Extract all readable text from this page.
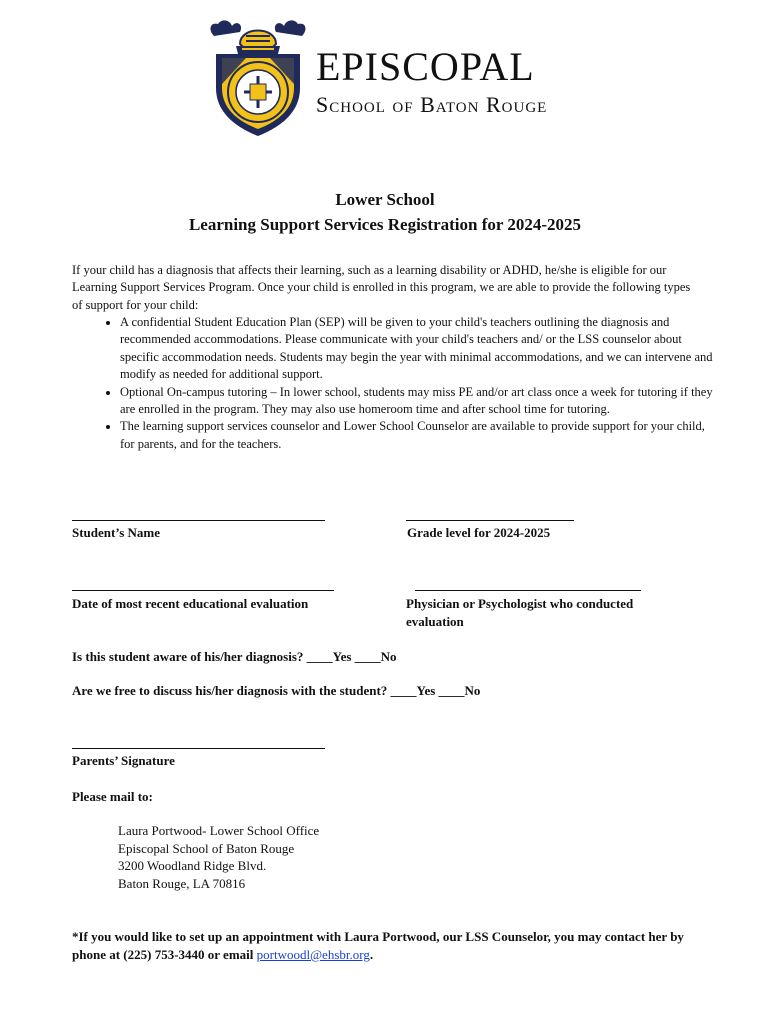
EPISCOPAL
School of Baton Rouge
Lower School
Learning Support Services Registration for 2024-2025
If your child has a diagnosis that affects their learning, such as a learning disability or ADHD, he/she is eligible for our Learning Support Services Program. Once your child is enrolled in this program, we are able to provide the following types of support for your child:
• A confidential Student Education Plan (SEP) will be given to your child's teachers outlining the diagnosis and recommended accommodations. Please communicate with your child's teachers and/ or the LSS counselor about specific accommodation needs. Students may begin the year with minimal accommodations, and we can intervene and modify as needed for additional support.
• Optional On-campus tutoring – In lower school, students may miss PE and/or art class once a week for tutoring if they are enrolled in the program. They may also use homeroom time and after school time for tutoring.
• The learning support services counselor and Lower School Counselor are available to provide support for your child, for parents, and for the teachers.
Student’s Name	Grade level for 2024-2025
Date of most recent educational evaluation	Physician or Psychologist who conducted evaluation
Is this student aware of his/her diagnosis? ____Yes ____No
Are we free to discuss his/her diagnosis with the student? ____Yes ____No
Parents’ Signature
Please mail to:
Laura Portwood- Lower School Office
Episcopal School of Baton Rouge
3200 Woodland Ridge Blvd.
Baton Rouge, LA 70816
*If you would like to set up an appointment with Laura Portwood, our LSS Counselor, you may contact her by phone at (225) 753-3440 or email portwoodl@ehsbr.org.
